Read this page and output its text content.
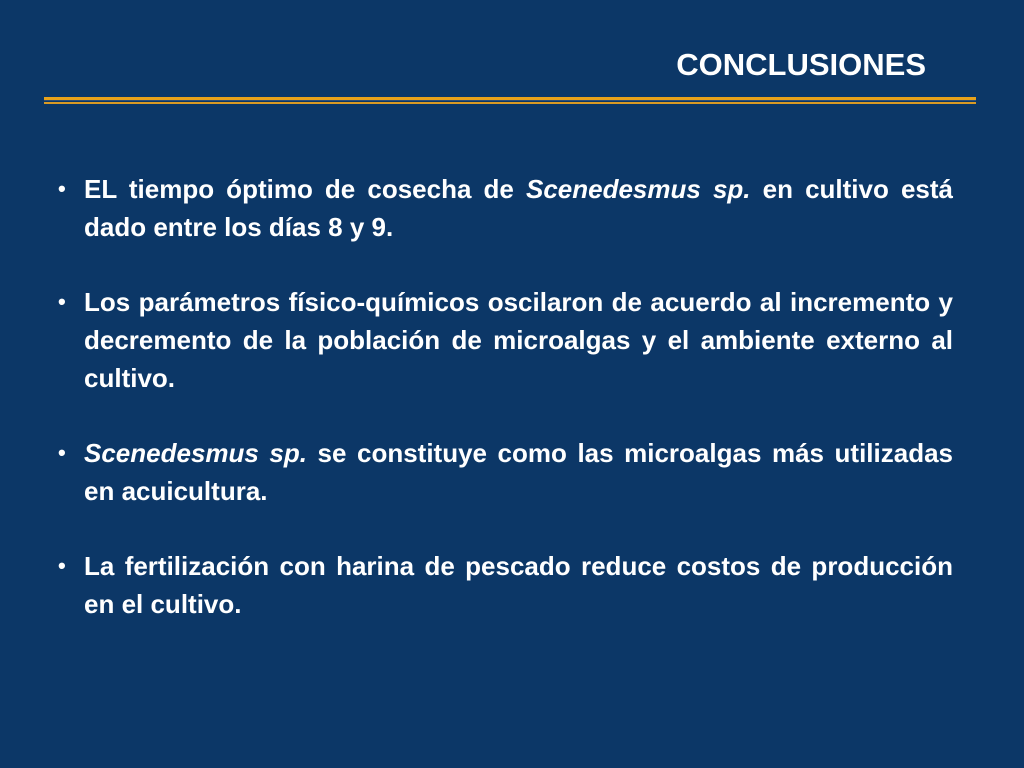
CONCLUSIONES
• EL tiempo óptimo de cosecha de Scenedesmus sp. en cultivo está dado entre los días 8 y 9.
• Los parámetros físico-químicos oscilaron de acuerdo al incremento y decremento de la población de microalgas y el ambiente externo al cultivo.
• Scenedesmus sp. se constituye como las microalgas más utilizadas en acuicultura.
• La fertilización con harina de pescado reduce costos de producción en el cultivo.
